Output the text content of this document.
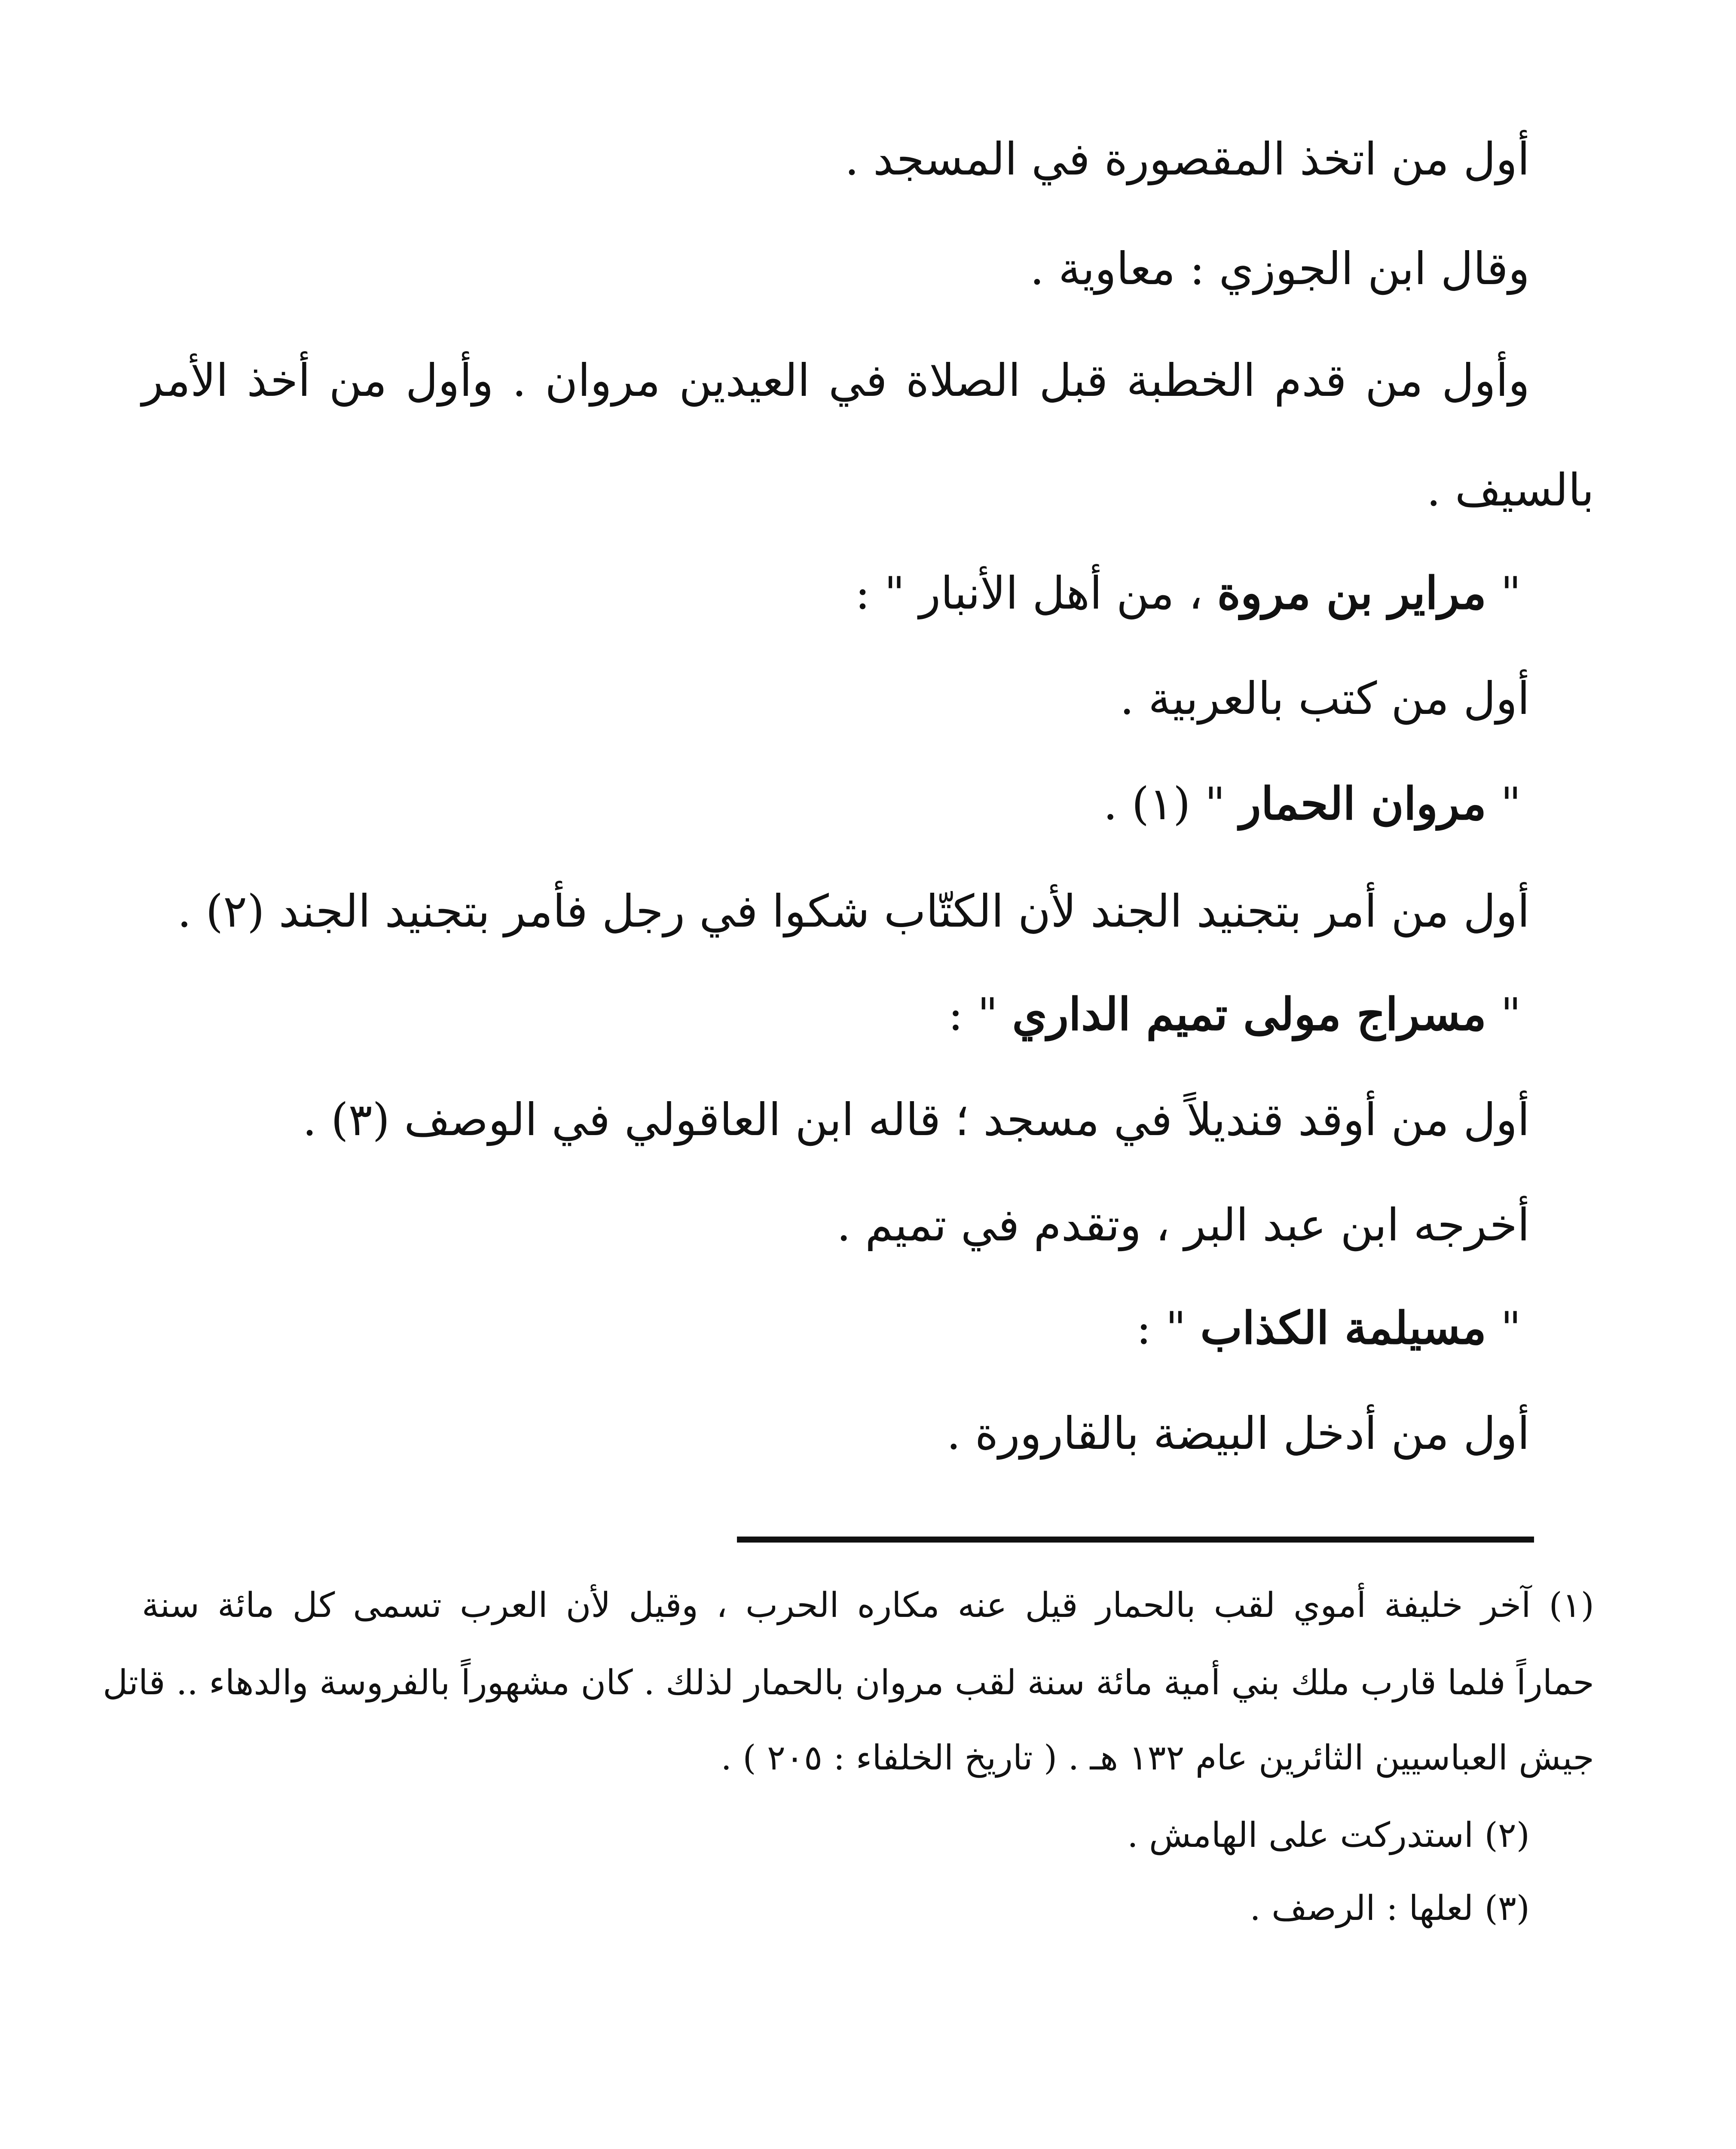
أول من اتخذ المقصورة في المسجد .
وقال ابن الجوزي : معاوية .
وأول من قدم الخطبة قبل الصلاة في العيدين مروان . وأول من أخذ الأمر
بالسيف .
" مراير بن مروة ، من أهل الأنبار " :
أول من كتب بالعربية .
" مروان الحمار " (١) .
أول من أمر بتجنيد الجند لأن الكتّاب شكوا في رجل فأمر بتجنيد الجند (٢) .
" مسراج مولى تميم الداري " :
أول من أوقد قنديلاً في مسجد ؛ قاله ابن العاقولي في الوصف (٣) .
أخرجه ابن عبد البر ، وتقدم في تميم .
" مسيلمة الكذاب " :
أول من أدخل البيضة بالقارورة .
(١) آخر خليفة أموي لقب بالحمار قيل عنه مكاره الحرب ، وقيل لأن العرب تسمى كل مائة سنة
حماراً فلما قارب ملك بني أمية مائة سنة لقب مروان بالحمار لذلك . كان مشهوراً بالفروسة والدهاء .. قاتل
جيش العباسيين الثائرين عام ١٣٢ هـ . ( تاريخ الخلفاء : ٢٠٥ ) .
(٢) استدركت على الهامش .
(٣) لعلها : الرصف .
